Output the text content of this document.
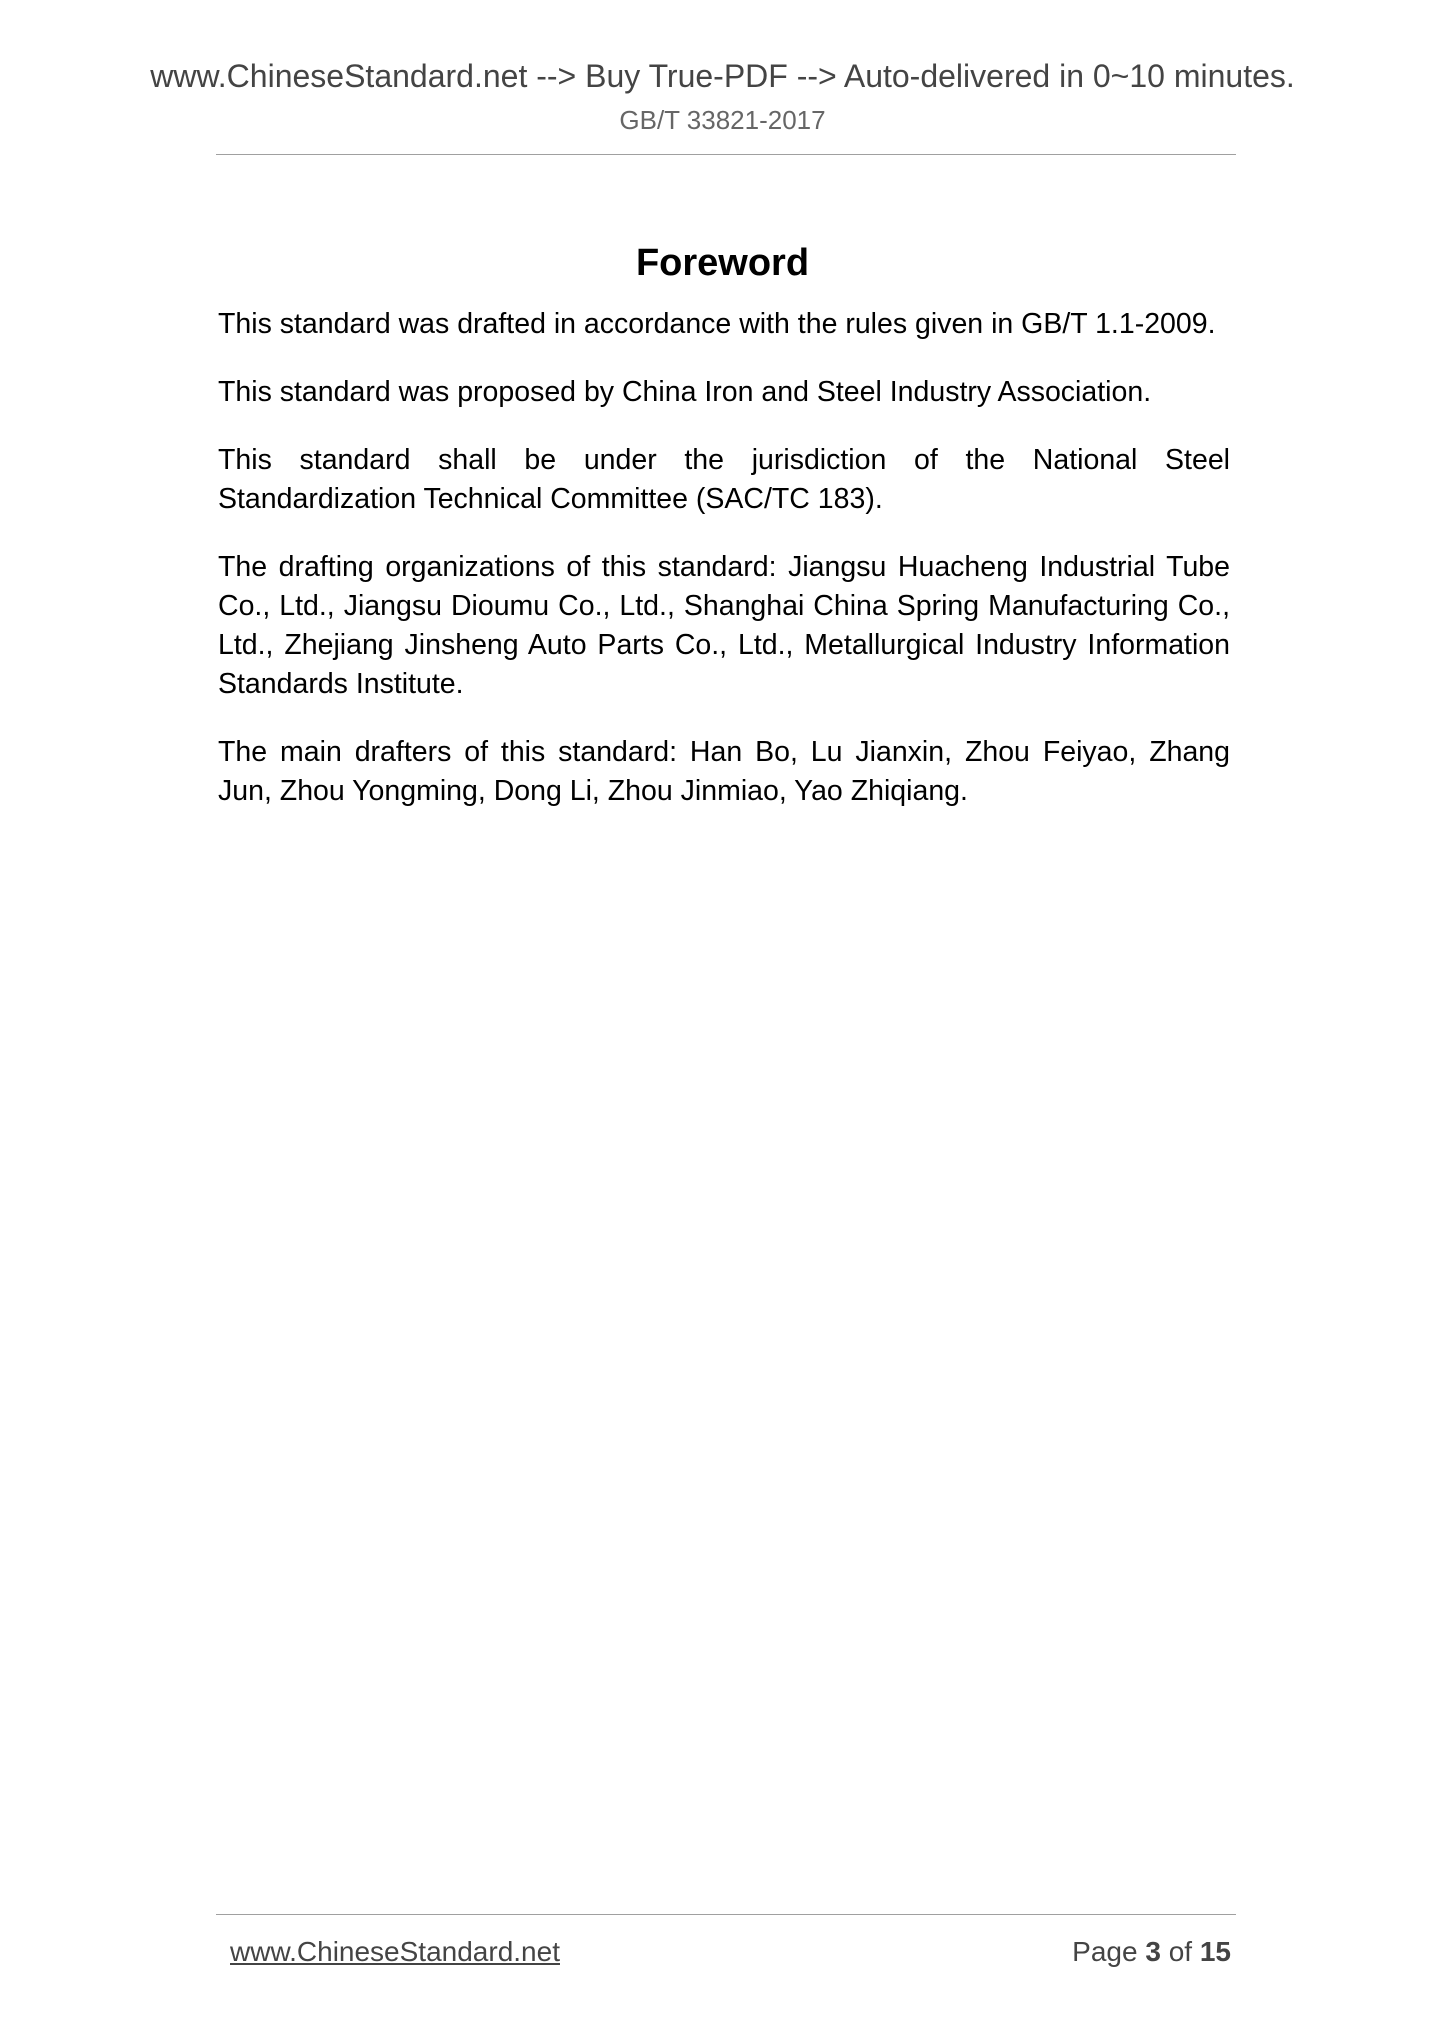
www.ChineseStandard.net --> Buy True-PDF --> Auto-delivered in 0~10 minutes.
GB/T 33821-2017
Foreword

This standard was drafted in accordance with the rules given in GB/T 1.1-2009.

This standard was proposed by China Iron and Steel Industry Association.

This standard shall be under the jurisdiction of the National Steel Standardization Technical Committee (SAC/TC 183).

The drafting organizations of this standard: Jiangsu Huacheng Industrial Tube Co., Ltd., Jiangsu Dioumu Co., Ltd., Shanghai China Spring Manufacturing Co., Ltd., Zhejiang Jinsheng Auto Parts Co., Ltd., Metallurgical Industry Information Standards Institute.

The main drafters of this standard: Han Bo, Lu Jianxin, Zhou Feiyao, Zhang Jun, Zhou Yongming, Dong Li, Zhou Jinmiao, Yao Zhiqiang.

www.ChineseStandard.net	Page 3 of 15
